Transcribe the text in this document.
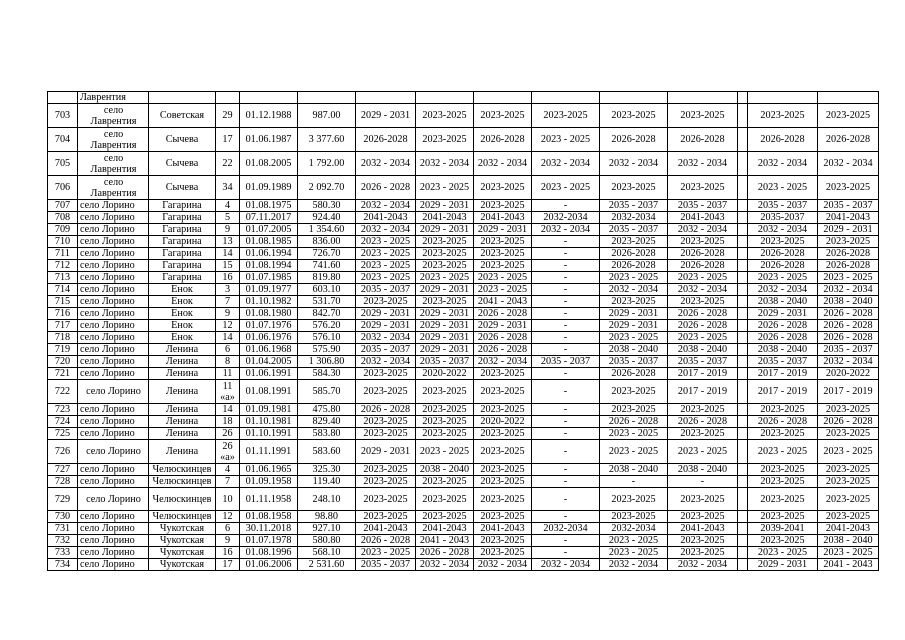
	Лаврентия													
703	село Лаврентия	Советская	29	01.12.1988	987.00	2029 - 2031	2023-2025	2023-2025	2023-2025	2023-2025	2023-2025		2023-2025	2023-2025
704	село Лаврентия	Сычева	17	01.06.1987	3 377.60	2026-2028	2023-2025	2026-2028	2023 - 2025	2026-2028	2026-2028		2026-2028	2026-2028
705	село Лаврентия	Сычева	22	01.08.2005	1 792.00	2032 - 2034	2032 - 2034	2032 - 2034	2032 - 2034	2032 - 2034	2032 - 2034		2032 - 2034	2032 - 2034
706	село Лаврентия	Сычева	34	01.09.1989	2 092.70	2026 - 2028	2023 - 2025	2023-2025	2023 - 2025	2023-2025	2023-2025		2023 - 2025	2023-2025
707	село Лорино	Гагарина	4	01.08.1975	580.30	2032 - 2034	2029 - 2031	2023-2025	-	2035 - 2037	2035 - 2037		2035 - 2037	2035 - 2037
708	село Лорино	Гагарина	5	07.11.2017	924.40	2041-2043	2041-2043	2041-2043	2032-2034	2032-2034	2041-2043		2035-2037	2041-2043
709	село Лорино	Гагарина	9	01.07.2005	1 354.60	2032 - 2034	2029 - 2031	2029 - 2031	2032 - 2034	2035 - 2037	2032 - 2034		2032 - 2034	2029 - 2031
710	село Лорино	Гагарина	13	01.08.1985	836.00	2023 - 2025	2023-2025	2023-2025	-	2023-2025	2023-2025		2023-2025	2023-2025
711	село Лорино	Гагарина	14	01.06.1994	726.70	2023 - 2025	2023-2025	2023-2025	-	2026-2028	2026-2028		2026-2028	2026-2028
712	село Лорино	Гагарина	15	01.08.1994	741.60	2023 - 2025	2023-2025	2023-2025	-	2026-2028	2026-2028		2026-2028	2026-2028
713	село Лорино	Гагарина	16	01.07.1985	819.80	2023 - 2025	2023 - 2025	2023 - 2025	-	2023 - 2025	2023 - 2025		2023 - 2025	2023 - 2025
714	село Лорино	Енок	3	01.09.1977	603.10	2035 - 2037	2029 - 2031	2023 - 2025	-	2032 - 2034	2032 - 2034		2032 - 2034	2032 - 2034
715	село Лорино	Енок	7	01.10.1982	531.70	2023-2025	2023-2025	2041 - 2043	-	2023-2025	2023-2025		2038 - 2040	2038 - 2040
716	село Лорино	Енок	9	01.08.1980	842.70	2029 - 2031	2029 - 2031	2026 - 2028	-	2029 - 2031	2026 - 2028		2029 - 2031	2026 - 2028
717	село Лорино	Енок	12	01.07.1976	576.20	2029 - 2031	2029 - 2031	2029 - 2031	-	2029 - 2031	2026 - 2028		2026 - 2028	2026 - 2028
718	село Лорино	Енок	14	01.06.1976	576.10	2032 - 2034	2029 - 2031	2026 - 2028	-	2023 - 2025	2023 - 2025		2026 - 2028	2026 - 2028
719	село Лорино	Ленина	6	01.06.1968	575.90	2035 - 2037	2029 - 2031	2026 - 2028	-	2038 - 2040	2038 - 2040		2038 - 2040	2035 - 2037
720	село Лорино	Ленина	8	01.04.2005	1 306.80	2032 - 2034	2035 - 2037	2032 - 2034	2035 - 2037	2035 - 2037	2035 - 2037		2035 - 2037	2032 - 2034
721	село Лорино	Ленина	11	01.06.1991	584.30	2023-2025	2020-2022	2023-2025	-	2026-2028	2017 - 2019		2017 - 2019	2020-2022
722	село Лорино	Ленина	11 «а»	01.08.1991	585.70	2023-2025	2023-2025	2023-2025	-	2023-2025	2017 - 2019		2017 - 2019	2017 - 2019
723	село Лорино	Ленина	14	01.09.1981	475.80	2026 - 2028	2023-2025	2023-2025	-	2023-2025	2023-2025		2023-2025	2023-2025
724	село Лорино	Ленина	18	01.10.1981	829.40	2023-2025	2023-2025	2020-2022	-	2026 - 2028	2026 - 2028		2026 - 2028	2026 - 2028
725	село Лорино	Ленина	26	01.10.1991	583.80	2023-2025	2023-2025	2023-2025	-	2023 - 2025	2023-2025		2023-2025	2023-2025
726	село Лорино	Ленина	26 «а»	01.11.1991	583.60	2029 - 2031	2023 - 2025	2023-2025	-	2023 - 2025	2023 - 2025		2023 - 2025	2023 - 2025
727	село Лорино	Челюскинцев	4	01.06.1965	325.30	2023-2025	2038 - 2040	2023-2025	-	2038 - 2040	2038 - 2040		2023-2025	2023-2025
728	село Лорино	Челюскинцев	7	01.09.1958	119.40	2023-2025	2023-2025	2023-2025	-	-	-		2023-2025	2023-2025
729	село Лорино	Челюскинцев	10	01.11.1958	248.10	2023-2025	2023-2025	2023-2025	-	2023-2025	2023-2025		2023-2025	2023-2025
730	село Лорино	Челюскинцев	12	01.08.1958	98.80	2023-2025	2023-2025	2023-2025	-	2023-2025	2023-2025		2023-2025	2023-2025
731	село Лорино	Чукотская	6	30.11.2018	927.10	2041-2043	2041-2043	2041-2043	2032-2034	2032-2034	2041-2043		2039-2041	2041-2043
732	село Лорино	Чукотская	9	01.07.1978	580.80	2026 - 2028	2041 - 2043	2023-2025	-	2023 - 2025	2023-2025		2023-2025	2038 - 2040
733	село Лорино	Чукотская	16	01.08.1996	568.10	2023 - 2025	2026 - 2028	2023-2025	-	2023 - 2025	2023-2025		2023 - 2025	2023 - 2025
734	село Лорино	Чукотская	17	01.06.2006	2 531.60	2035 - 2037	2032 - 2034	2032 - 2034	2032 - 2034	2032 - 2034	2032 - 2034		2029 - 2031	2041 - 2043
